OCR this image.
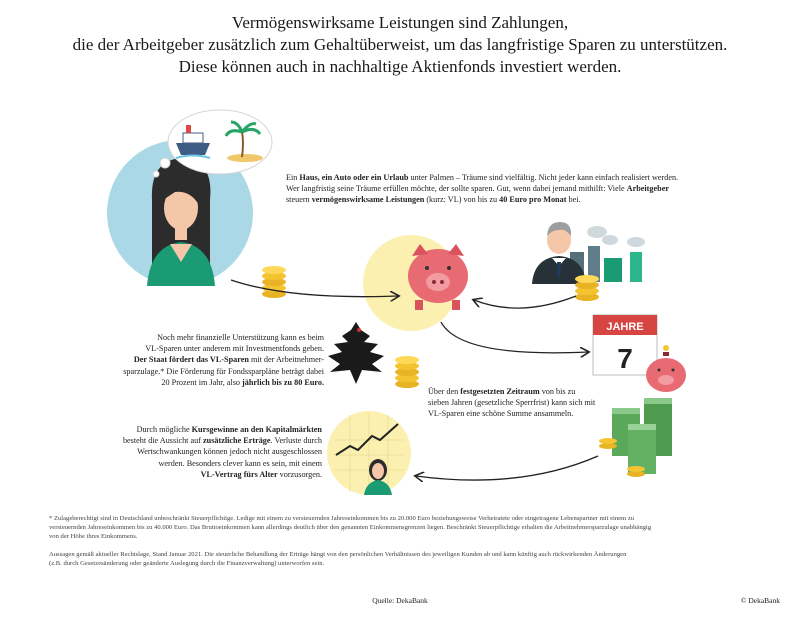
Vermögenswirksame Leistungen sind Zahlungen,
die der Arbeitgeber zusätzlich zum Gehaltüberweist, um das langfristige Sparen zu unterstützen.
Diese können auch in nachhaltige Aktienfonds investiert werden.
JAHRE
7
Ein Haus, ein Auto oder ein Urlaub unter Palmen – Träume sind vielfältig. Nicht jeder kann einfach realisiert werden.
Wer langfristig seine Träume erfüllen möchte, der sollte sparen. Gut, wenn dabei jemand mithilft: Viele Arbeitgeber
steuern vermögenswirksame Leistungen (kurz: VL) von bis zu 40 Euro pro Monat bei.
Noch mehr finanzielle Unterstützung kann es beim
VL-Sparen unter anderem mit Investmentfonds geben.
Der Staat fördert das VL-Sparen mit der Arbeitnehmer-
sparzulage.* Die Förderung für Fondssparpläne beträgt dabei
20 Prozent im Jahr, also jährlich bis zu 80 Euro.
Über den festgesetzten Zeitraum von bis zu
sieben Jahren (gesetzliche Sperrfrist) kann sich mit
VL-Sparen eine schöne Summe ansammeln.
Durch mögliche Kursgewinne an den Kapitalmärkten
besteht die Aussicht auf zusätzliche Erträge. Verluste durch
Wertschwankungen können jedoch nicht ausgeschlossen
werden. Besonders clever kann es sein, mit einem
VL-Vertrag fürs Alter vorzusorgen.
* Zulageberechtigt sind in Deutschland unbeschränkt Steuerpflichtige. Ledige mit einem zu versteuernden Jahreseinkommen bis zu 20.000 Euro beziehungsweise Verheiratete oder eingetragene Lebenspartner mit einem zu
versteuernden Jahreseinkommen bis zu 40.000 Euro. Das Bruttoeinkommen kann allerdings deutlich über den genannten Einkommensgrenzen liegen. Beschränkt Steuerpflichtige erhalten die Arbeitnehmersparzulage unabhängig
von der Höhe ihres Einkommens.
Aussagen gemäß aktueller Rechtslage, Stand Januar 2021. Die steuerliche Behandlung der Erträge hängt von den persönlichen Verhältnissen des jeweiligen Kunden ab und kann künftig auch rückwirkenden Änderungen
(z.B. durch Gesetzesänderung oder geänderte Auslegung durch die Finanzverwaltung) unterworfen sein.
Quelle: DekaBank	© DekaBank
